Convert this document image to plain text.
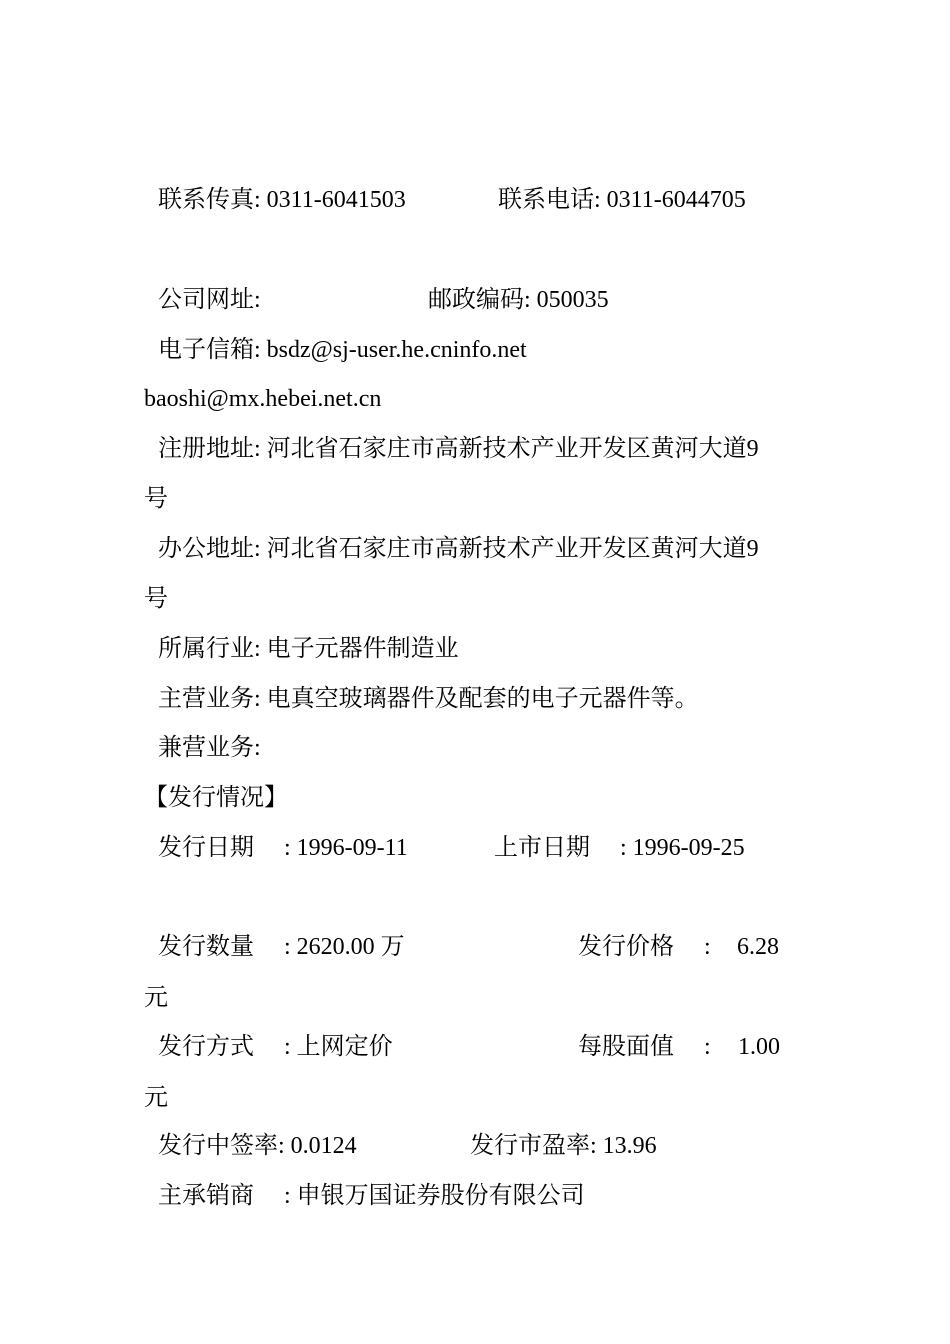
联系传真: 0311-6041503	联系电话: 0311-6044705
公司网址:	邮政编码: 050035
电子信箱: bsdz@sj-user.he.cninfo.net
baoshi@mx.hebei.net.cn
注册地址: 河北省石家庄市高新技术产业开发区黄河大道9
号
办公地址: 河北省石家庄市高新技术产业开发区黄河大道9
号
所属行业: 电子元器件制造业
主营业务: 电真空玻璃器件及配套的电子元器件等。
兼营业务:
【发行情况】
发行日期 : 1996-09-11	上市日期 : 1996-09-25
发行数量 : 2620.00 万	发行价格 : 6.28
元
发行方式 : 上网定价	每股面值 : 1.00
元
发行中签率: 0.0124	发行市盈率: 13.96
主承销商 : 申银万国证券股份有限公司
